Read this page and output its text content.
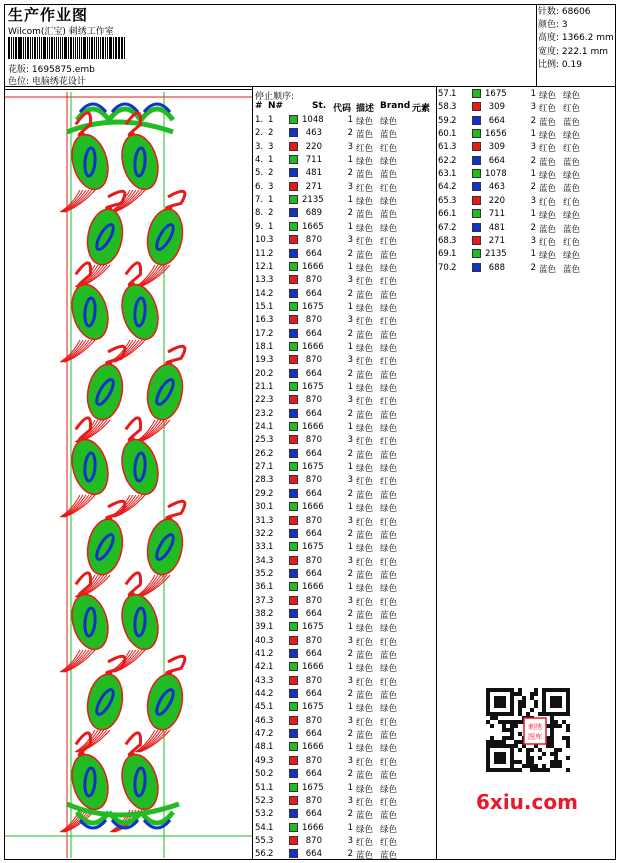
生产作业图
Wilcom(汇宝) 刺绣工作室
花版: 1695875.emb
色位: 电脑绣花设计
针数: 68606
颜色: 3
高度: 1366.2 mm
宽度: 222.1 mm
比例: 0.19
停止顺序:
# N#	St. 代码 描述 Brand 元素
1. 1	1048	1 绿色 绿色
2. 2	463	2 蓝色 蓝色
3. 3	220	3 红色 红色
4. 1	711	1 绿色 绿色
5. 2	481	2 蓝色 蓝色
6. 3	271	3 红色 红色
7. 1	2135	1 绿色 绿色
8. 2	689	2 蓝色 蓝色
9. 1	1665	1 绿色 绿色
10. 3	870	3 红色 红色
11. 2	664	2 蓝色 蓝色
12. 1	1666	1 绿色 绿色
13. 3	870	3 红色 红色
14. 2	664	2 蓝色 蓝色
15. 1	1675	1 绿色 绿色
16. 3	870	3 红色 红色
17. 2	664	2 蓝色 蓝色
18. 1	1666	1 绿色 绿色
19. 3	870	3 红色 红色
20. 2	664	2 蓝色 蓝色
21. 1	1675	1 绿色 绿色
22. 3	870	3 红色 红色
23. 2	664	2 蓝色 蓝色
24. 1	1666	1 绿色 绿色
25. 3	870	3 红色 红色
26. 2	664	2 蓝色 蓝色
27. 1	1675	1 绿色 绿色
28. 3	870	3 红色 红色
29. 2	664	2 蓝色 蓝色
30. 1	1666	1 绿色 绿色
31. 3	870	3 红色 红色
32. 2	664	2 蓝色 蓝色
33. 1	1675	1 绿色 绿色
34. 3	870	3 红色 红色
35. 2	664	2 蓝色 蓝色
36. 1	1666	1 绿色 绿色
37. 3	870	3 红色 红色
38. 2	664	2 蓝色 蓝色
39. 1	1675	1 绿色 绿色
40. 3	870	3 红色 红色
41. 2	664	2 蓝色 蓝色
42. 1	1666	1 绿色 绿色
43. 3	870	3 红色 红色
44. 2	664	2 蓝色 蓝色
45. 1	1675	1 绿色 绿色
46. 3	870	3 红色 红色
47. 2	664	2 蓝色 蓝色
48. 1	1666	1 绿色 绿色
49. 3	870	3 红色 红色
50. 2	664	2 蓝色 蓝色
51. 1	1675	1 绿色 绿色
52. 3	870	3 红色 红色
53. 2	664	2 蓝色 蓝色
54. 1	1666	1 绿色 绿色
55. 3	870	3 红色 红色
56. 2	664	2 蓝色 蓝色
57. 1	1675	1 绿色 绿色
58. 3	309	3 红色 红色
59. 2	664	2 蓝色 蓝色
60. 1	1656	1 绿色 绿色
61. 3	309	3 红色 红色
62. 2	664	2 蓝色 蓝色
63. 1	1078	1 绿色 绿色
64. 2	463	2 蓝色 蓝色
65. 3	220	3 红色 红色
66. 1	711	1 绿色 绿色
67. 2	481	2 蓝色 蓝色
68. 3	271	3 红色 红色
69. 1	2135	1 绿色 绿色
70. 2	688	2 蓝色 蓝色
刺绣
图库
6xiu.com
